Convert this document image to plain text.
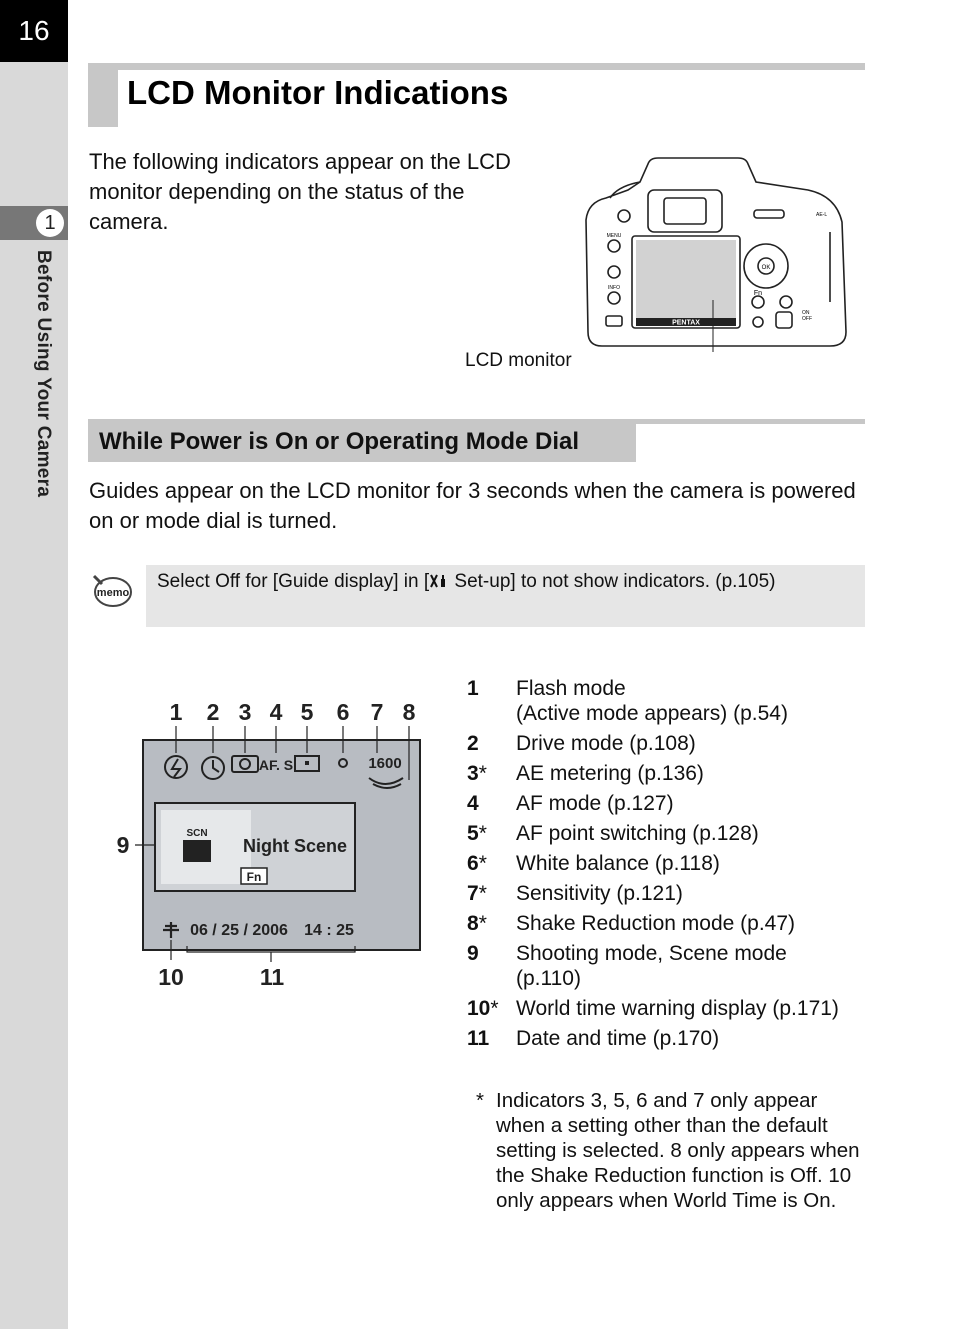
16
1
Before Using Your Camera
LCD Monitor Indications
The following indicators appear on the LCD monitor depending on the status of the camera.
PENTAX
MENU
INFO
Fn
OK
ON
OFF
AE-L
LCD monitor
While Power is On or Operating Mode Dial
Guides appear on the LCD monitor for 3 seconds when the camera is powered on or mode dial is turned.
memo
Select Off for [Guide display] in [ Set-up] to not show indicators. (p.105)
1 2 3 4 5 6 7 8
9
10	11
AF. S	1600
SCN
Night Scene
Fn
06 / 25 / 2006 14 : 25
1	Flash mode
(Active mode appears) (p.54)
2	Drive mode (p.108)
3*	AE metering (p.136)
4	AF mode (p.127)
5*	AF point switching (p.128)
6*	White balance (p.118)
7*	Sensitivity (p.121)
8*	Shake Reduction mode (p.47)
9	Shooting mode, Scene mode
(p.110)
10* World time warning display (p.171)
11	Date and time (p.170)
* Indicators 3, 5, 6 and 7 only appear when a setting other than the default setting is selected. 8 only appears when the Shake Reduction function is Off. 10 only appears when World Time is On.
